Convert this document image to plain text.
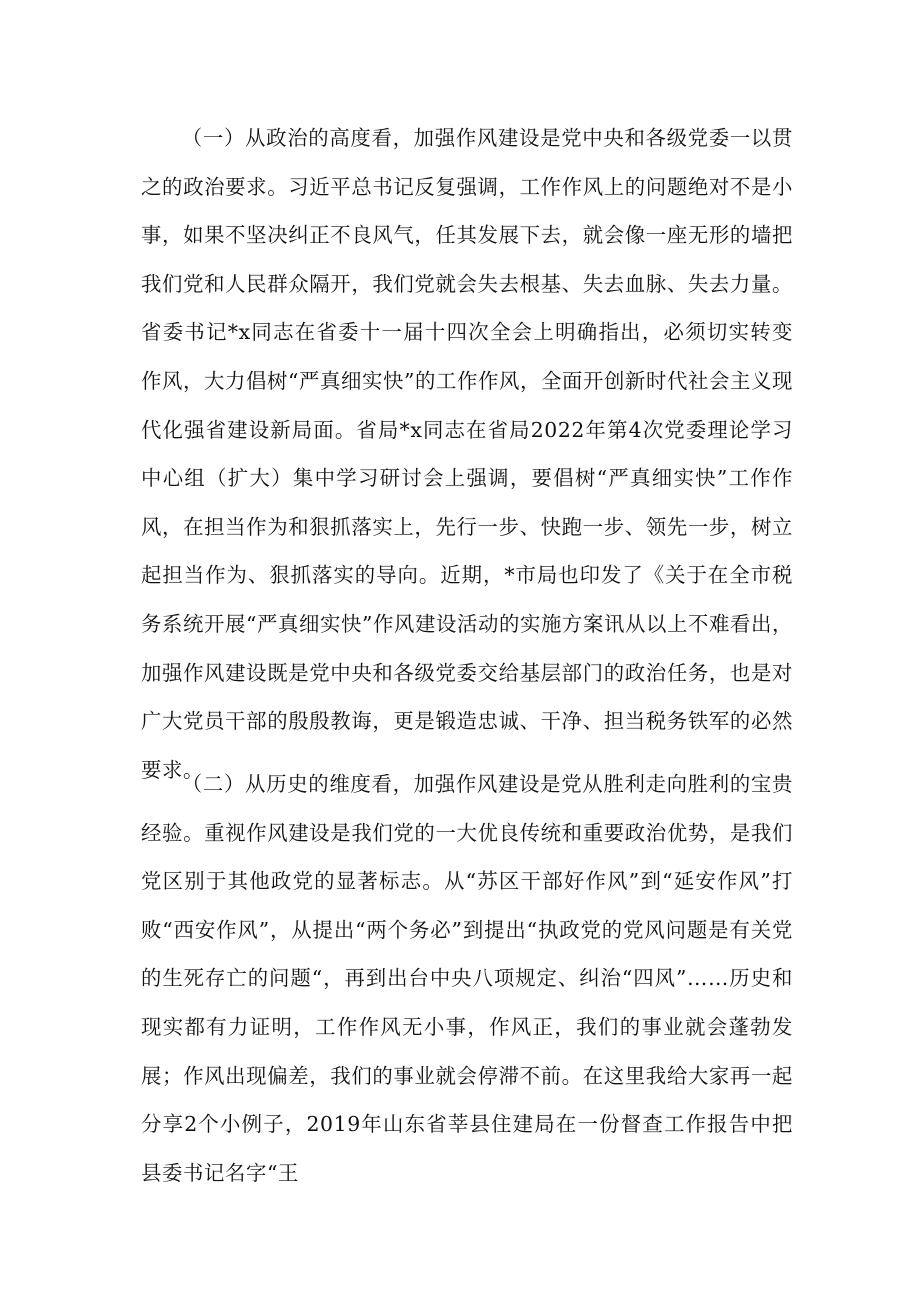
（一）从政治的高度看，加强作风建设是党中央和各级党委一以贯之的政治要求。习近平总书记反复强调，工作作风上的问题绝对不是小事，如果不坚决纠正不良风气，任其发展下去，就会像一座无形的墙把我们党和人民群众隔开，我们党就会失去根基、失去血脉、失去力量。省委书记*x同志在省委十一届十四次全会上明确指出，必须切实转变作风，大力倡树“严真细实快”的工作作风，全面开创新时代社会主义现代化强省建设新局面。省局*x同志在省局2022年第4次党委理论学习中心组（扩大）集中学习研讨会上强调，要倡树“严真细实快”工作作风，在担当作为和狠抓落实上，先行一步、快跑一步、领先一步，树立起担当作为、狠抓落实的导向。近期，*市局也印发了《关于在全市税务系统开展“严真细实快”作风建设活动的实施方案讯从以上不难看出，加强作风建设既是党中央和各级党委交给基层部门的政治任务，也是对广大党员干部的殷殷教诲，更是锻造忠诚、干净、担当税务铁军的必然要求。

（二）从历史的维度看，加强作风建设是党从胜利走向胜利的宝贵经验。重视作风建设是我们党的一大优良传统和重要政治优势，是我们党区别于其他政党的显著标志。从“苏区干部好作风”到“延安作风”打败“西安作风”，从提出“两个务必”到提出“执政党的党风问题是有关党的生死存亡的问题“，再到出台中央八项规定、纠治“四风”……历史和现实都有力证明，工作作风无小事，作风正，我们的事业就会蓬勃发展；作风出现偏差，我们的事业就会停滞不前。在这里我给大家再一起分享2个小例子，2019年山东省莘县住建局在一份督查工作报告中把县委书记名字“王
